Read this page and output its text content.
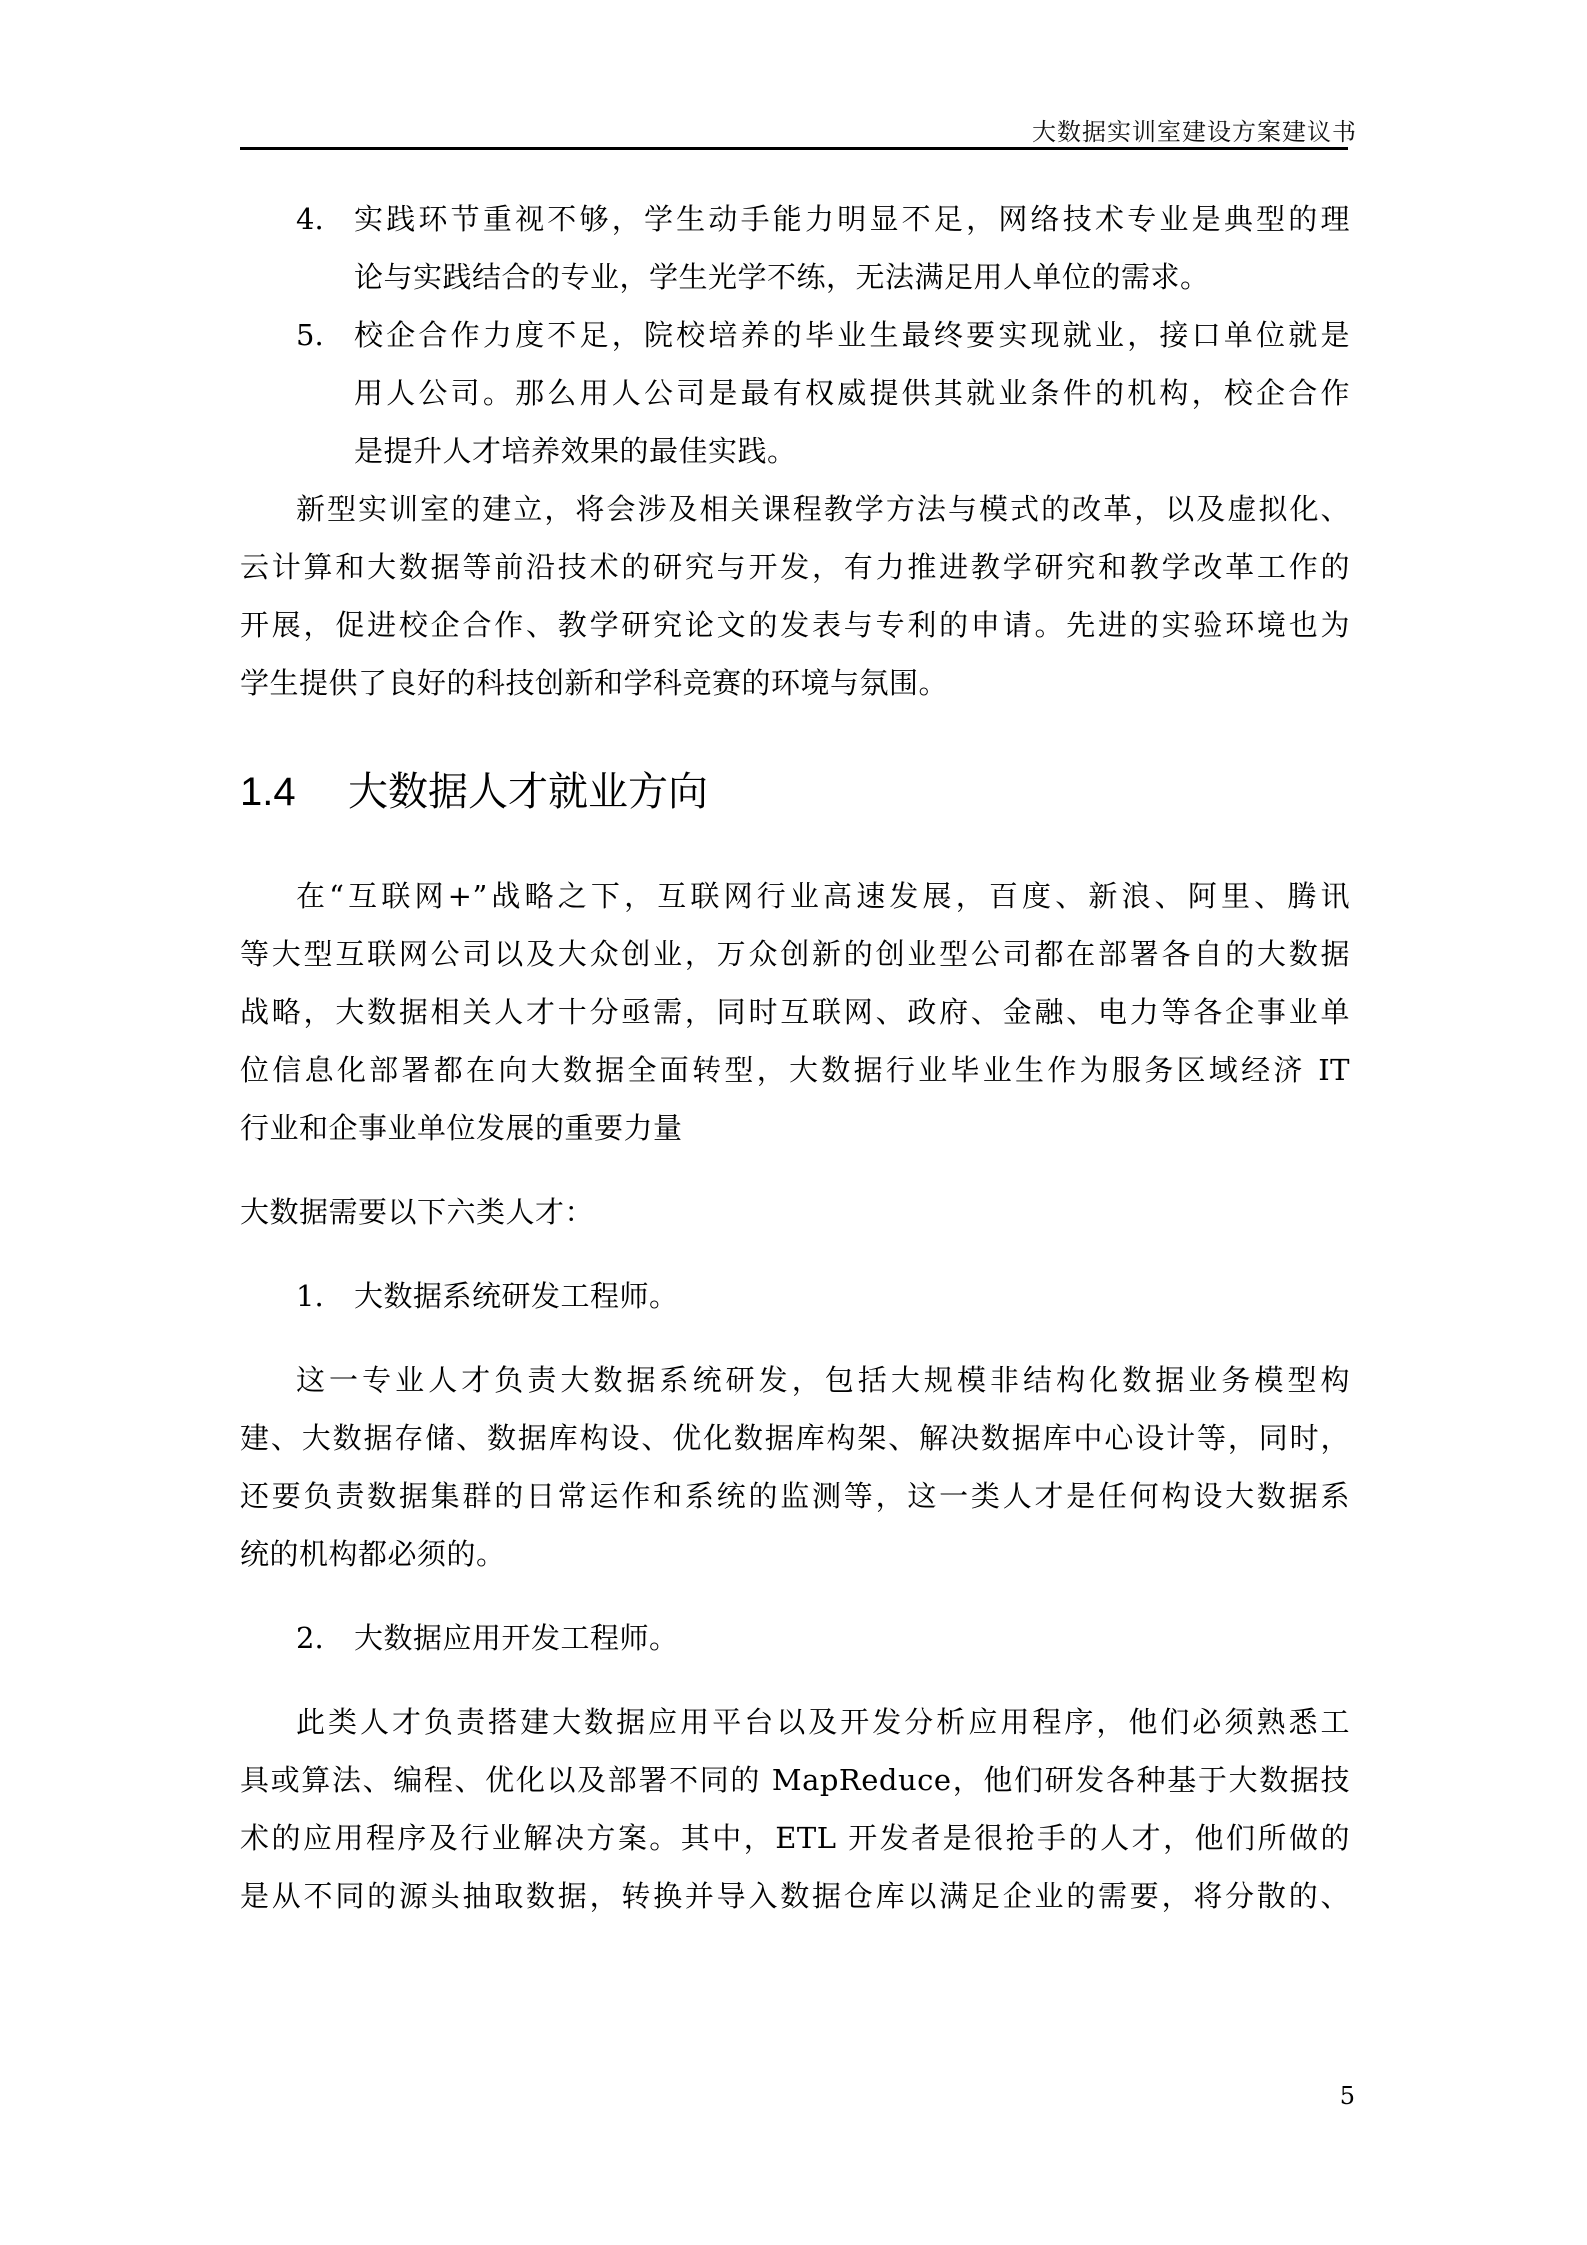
大数据实训室建设方案建议书
4.	实践环节重视不够，学生动手能力明显不足，网络技术专业是典型的理
论与实践结合的专业，学生光学不练，无法满足用人单位的需求。
5.	校企合作力度不足，院校培养的毕业生最终要实现就业，接口单位就是
用人公司。那么用人公司是最有权威提供其就业条件的机构，校企合作
是提升人才培养效果的最佳实践。
新型实训室的建立，将会涉及相关课程教学方法与模式的改革，以及虚拟化、
云计算和大数据等前沿技术的研究与开发，有力推进教学研究和教学改革工作的
开展，促进校企合作、教学研究论文的发表与专利的申请。先进的实验环境也为
学生提供了良好的科技创新和学科竞赛的环境与氛围。
1.4	大数据人才就业方向
在“互联网+”战略之下，互联网行业高速发展，百度、新浪、阿里、腾讯
等大型互联网公司以及大众创业，万众创新的创业型公司都在部署各自的大数据
战略，大数据相关人才十分亟需，同时互联网、政府、金融、电力等各企事业单
位信息化部署都在向大数据全面转型，大数据行业毕业生作为服务区域经济 IT
行业和企事业单位发展的重要力量
大数据需要以下六类人才：
1.	大数据系统研发工程师。
这一专业人才负责大数据系统研发，包括大规模非结构化数据业务模型构
建、大数据存储、数据库构设、优化数据库构架、解决数据库中心设计等，同时，
还要负责数据集群的日常运作和系统的监测等，这一类人才是任何构设大数据系
统的机构都必须的。
2.	大数据应用开发工程师。
此类人才负责搭建大数据应用平台以及开发分析应用程序，他们必须熟悉工
具或算法、编程、优化以及部署不同的 MapReduce，他们研发各种基于大数据技
术的应用程序及行业解决方案。其中，ETL 开发者是很抢手的人才，他们所做的
是从不同的源头抽取数据，转换并导入数据仓库以满足企业的需要，将分散的、
5
